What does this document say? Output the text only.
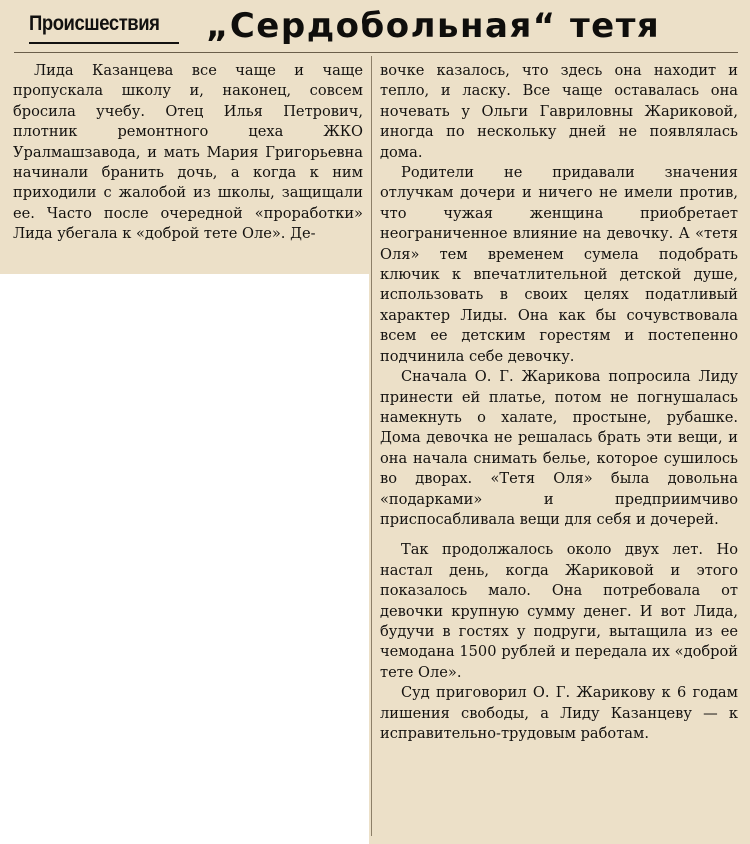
Происшествия „Сердобольная“ тетя

Лида Казанцева все чаще и чаще пропускала школу и, наконец, совсем бросила учебу. Отец Илья Петрович, плотник ремонтного цеха ЖКО Уралмашзавода, и мать Мария Григорьевна начинали бранить дочь, а когда к ним приходили с жалобой из школы, защищали ее. Часто после очередной «проработки» Лида убегала к «доброй тете Оле». Де-

вочке казалось, что здесь она находит и тепло, и ласку. Все чаще оставалась она ночевать у Ольги Гавриловны Жариковой, иногда по нескольку дней не появлялась дома.

Родители не придавали значения отлучкам дочери и ничего не имели против, что чужая женщина приобретает неограниченное влияние на девочку. А «тетя Оля» тем временем сумела подобрать ключик к впечатлительной детской душе, использовать в своих целях податливый характер Лиды. Она как бы сочувствовала всем ее детским горестям и постепенно подчинила себе девочку.

Сначала О. Г. Жарикова попросила Лиду принести ей платье, потом не погнушалась намекнуть о халате, простыне, рубашке. Дома девочка не решалась брать эти вещи, и она начала снимать белье, которое сушилось во дворах. «Тетя Оля» была довольна «подарками» и предприимчиво приспосабливала вещи для себя и дочерей.

Так продолжалось около двух лет. Но настал день, когда Жариковой и этого показалось мало. Она потребовала от девочки крупную сумму денег. И вот Лида, будучи в гостях у подруги, вытащила из ее чемодана 1500 рублей и передала их «доброй тете Оле».

Суд приговорил О. Г. Жарикову к 6 годам лишения свободы, а Лиду Казанцеву — к исправительно-трудовым работам.
